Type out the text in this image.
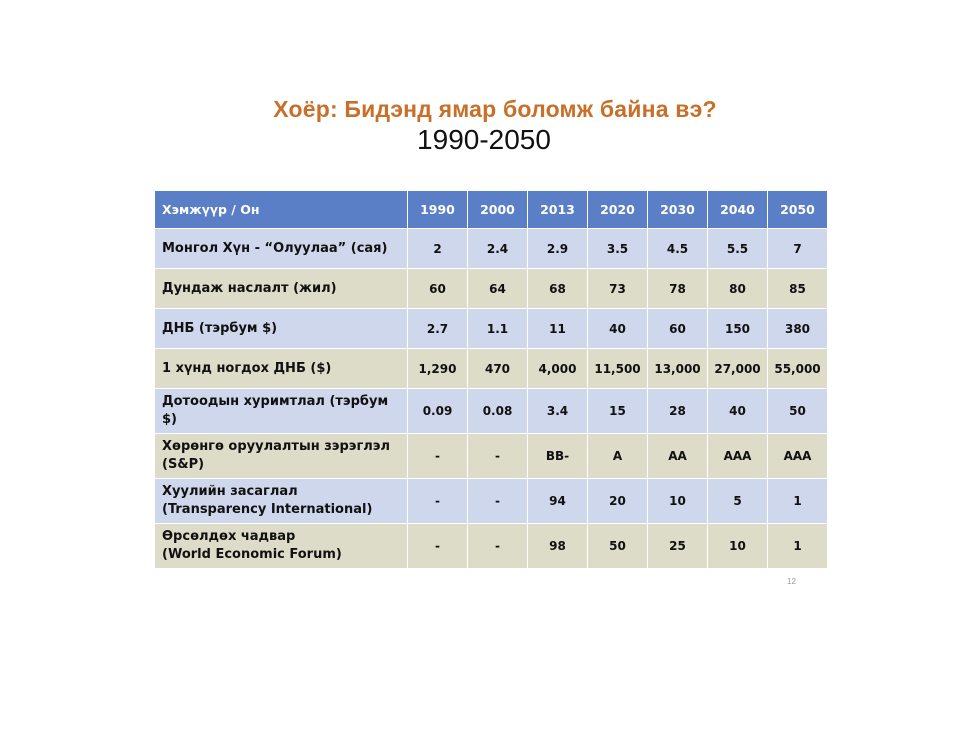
Хоёр: Бидэнд ямар боломж байна вэ?
1990-2050
Хэмжүүр / Он	1990	2000	2013	2020	2030	2040	2050

Монгол Хүн - “Олуулаа” (сая)	2	2.4	2.9	3.5	4.5	5.5	7

Дундаж наслалт (жил)	60	64	68	73	78	80	85

ДНБ (тэрбум $)	2.7	1.1	11	40	60	150	380

1 хүнд ногдох ДНБ ($)	1,290	470	4,000	11,500	13,000	27,000	55,000

Дотоодын хуримтлал (тэрбум $)	0.09	0.08	3.4	15	28	40	50

Хөрөнгө оруулалтын зэрэглэл
(S&P)	-	-	BB-	A	AA	AAA	AAA

Хуулийн засаглал
(Transparency International)	-	-	94	20	10	5	1

Өрсөлдөх чадвар
(World Economic Forum)	-	-	98	50	25	10	1
12
